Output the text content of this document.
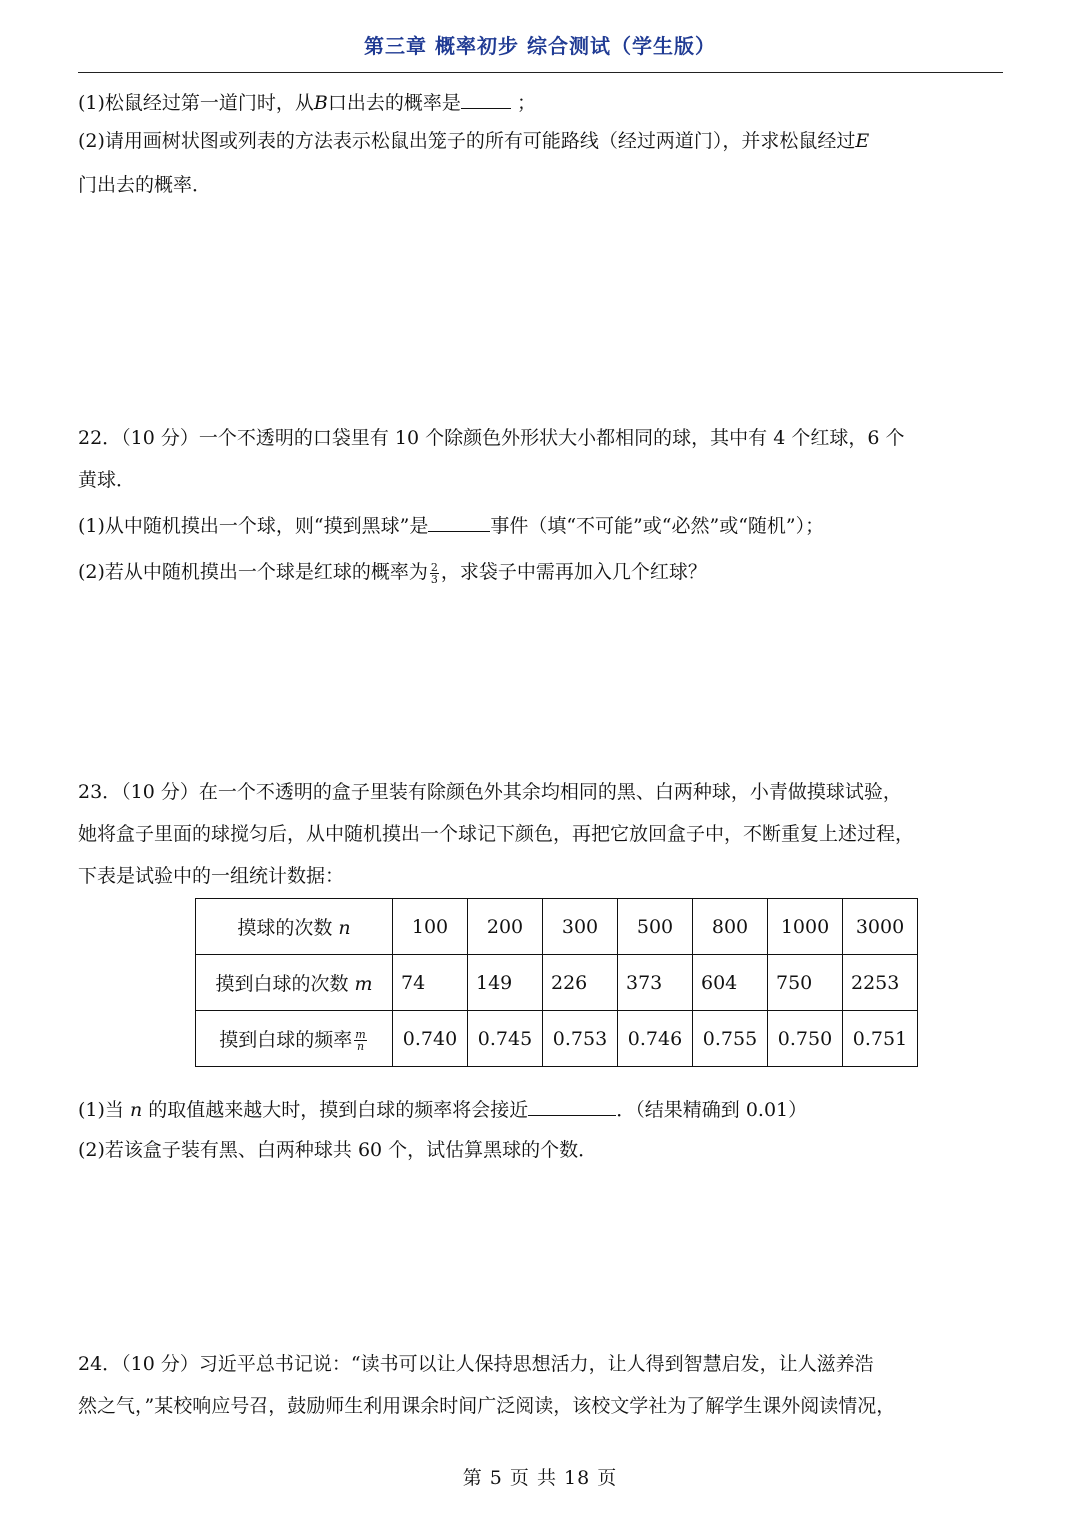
第三章 概率初步 综合测试（学生版）
(1)松鼠经过第一道门时，从B口出去的概率是	；
(2)请用画树状图或列表的方法表示松鼠出笼子的所有可能路线（经过两道门），并求松鼠经过E
门出去的概率．
22．（10 分）一个不透明的口袋里有 10 个除颜色外形状大小都相同的球，其中有 4 个红球，6 个
黄球．
(1)从中随机摸出一个球，则“摸到黑球”是	事件（填“不可能”或“必然”或“随机”）；
(2)若从中随机摸出一个球是红球的概率为 $\frac{2}{3}$ ，求袋子中需再加入几个红球？
23．（10 分）在一个不透明的盒子里装有除颜色外其余均相同的黑、白两种球，小青做摸球试验，
她将盒子里面的球搅匀后，从中随机摸出一个球记下颜色，再把它放回盒子中，不断重复上述过程，
下表是试验中的一组统计数据：
摸球的次数 n	100	200	300	500	800	1000	3000
摸到白球的次数 m	74	149	226	373	604	750	2253
摸到白球的频率 $\frac{m}{n}$	0.740	0.745	0.753	0.746	0.755	0.750	0.751
(1)当 n 的取值越来越大时，摸到白球的频率将会接近	．（结果精确到 0.01）
(2)若该盒子装有黑、白两种球共 60 个，试估算黑球的个数．
24．（10 分）习近平总书记说：“读书可以让人保持思想活力，让人得到智慧启发，让人滋养浩
然之气，”某校响应号召，鼓励师生利用课余时间广泛阅读，该校文学社为了解学生课外阅读情况，
第 5 页 共 18 页
